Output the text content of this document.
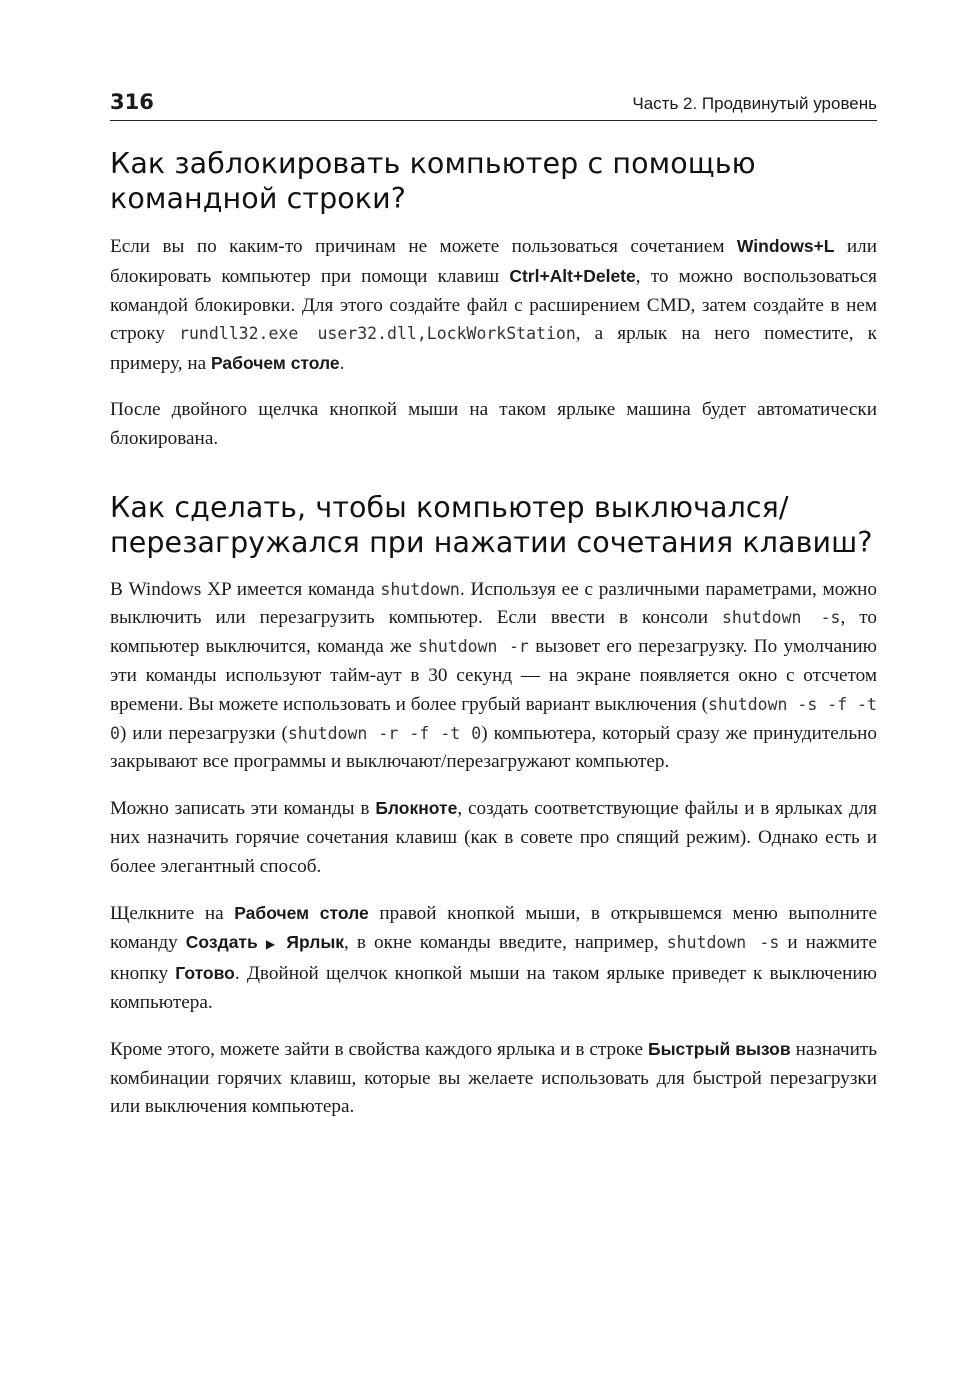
316	Часть 2. Продвинутый уровень
Как заблокировать компьютер с помощью
командной строки?

Если вы по каким-то причинам не можете пользоваться сочетанием Windows+L или блокировать компьютер при помощи клавиш Ctrl+Alt+Delete, то можно воспользоваться командой блокировки. Для этого создайте файл с расширением CMD, затем создайте в нем строку rundll32.exe user32.dll,LockWorkStation, а ярлык на него поместите, к примеру, на Рабочем столе.

После двойного щелчка кнопкой мыши на таком ярлыке машина будет автоматически блокирована.

Как сделать, чтобы компьютер выключался/
перезагружался при нажатии сочетания клавиш?

В Windows XP имеется команда shutdown. Используя ее с различными параметрами, можно выключить или перезагрузить компьютер. Если ввести в консоли shutdown -s, то компьютер выключится, команда же shutdown -r вызовет его перезагрузку. По умолчанию эти команды используют тайм-аут в 30 секунд — на экране появляется окно с отсчетом времени. Вы можете использовать и более грубый вариант выключения (shutdown -s -f -t 0) или перезагрузки (shutdown -r -f -t 0) компьютера, который сразу же принудительно закрывают все программы и выключают/перезагружают компьютер.

Можно записать эти команды в Блокноте, создать соответствующие файлы и в ярлыках для них назначить горячие сочетания клавиш (как в совете про спящий режим). Однако есть и более элегантный способ.

Щелкните на Рабочем столе правой кнопкой мыши, в открывшемся меню выполните команду Создать ▶ Ярлык, в окне команды введите, например, shutdown -s и нажмите кнопку Готово. Двойной щелчок кнопкой мыши на таком ярлыке приведет к выключению компьютера.

Кроме этого, можете зайти в свойства каждого ярлыка и в строке Быстрый вызов назначить комбинации горячих клавиш, которые вы желаете использовать для быстрой перезагрузки или выключения компьютера.
